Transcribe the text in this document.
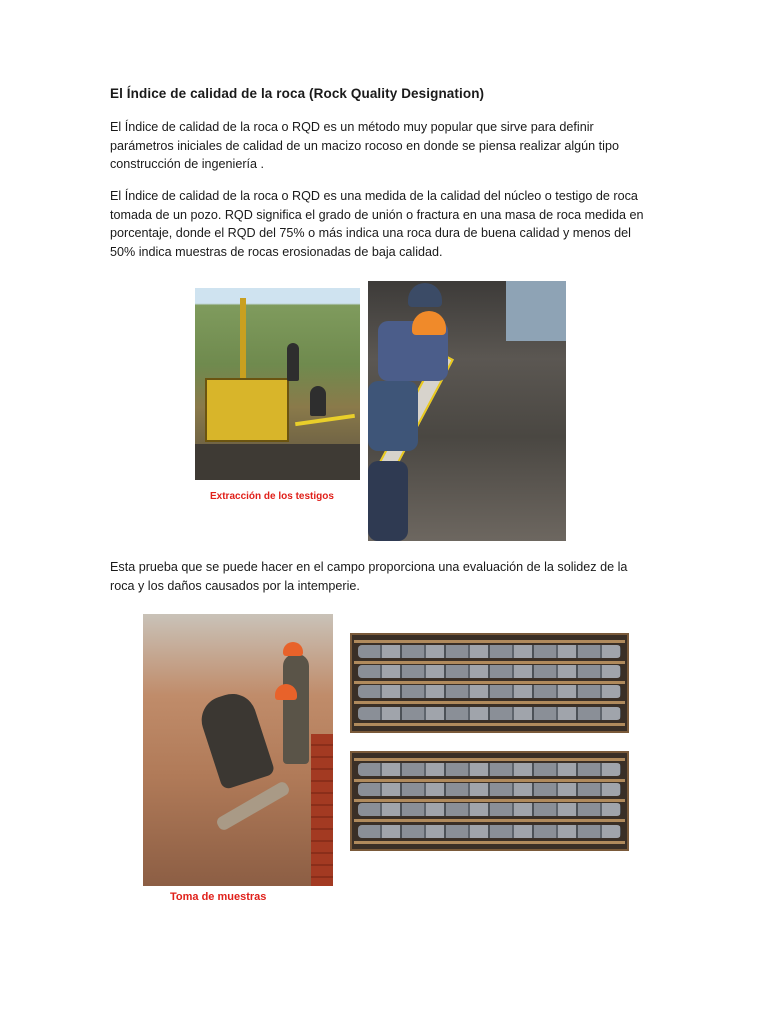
El Índice de calidad de la roca (Rock Quality Designation)

El Índice de calidad de la roca o RQD es un método muy popular que sirve para definir parámetros iniciales de calidad de un macizo rocoso en donde se piensa realizar algún tipo construcción de ingeniería .

El Índice de calidad de la roca o RQD es una medida de la calidad del núcleo o testigo de roca tomada de un pozo. RQD significa el grado de unión o fractura en una masa de roca medida en porcentaje, donde el RQD del 75% o más indica una roca dura de buena calidad y menos del 50% indica muestras de rocas erosionadas de baja calidad.

Extracción de los testigos

Esta prueba que se puede hacer en el campo proporciona una evaluación de la solidez de la roca y los daños causados por la intemperie.

Toma de muestras
